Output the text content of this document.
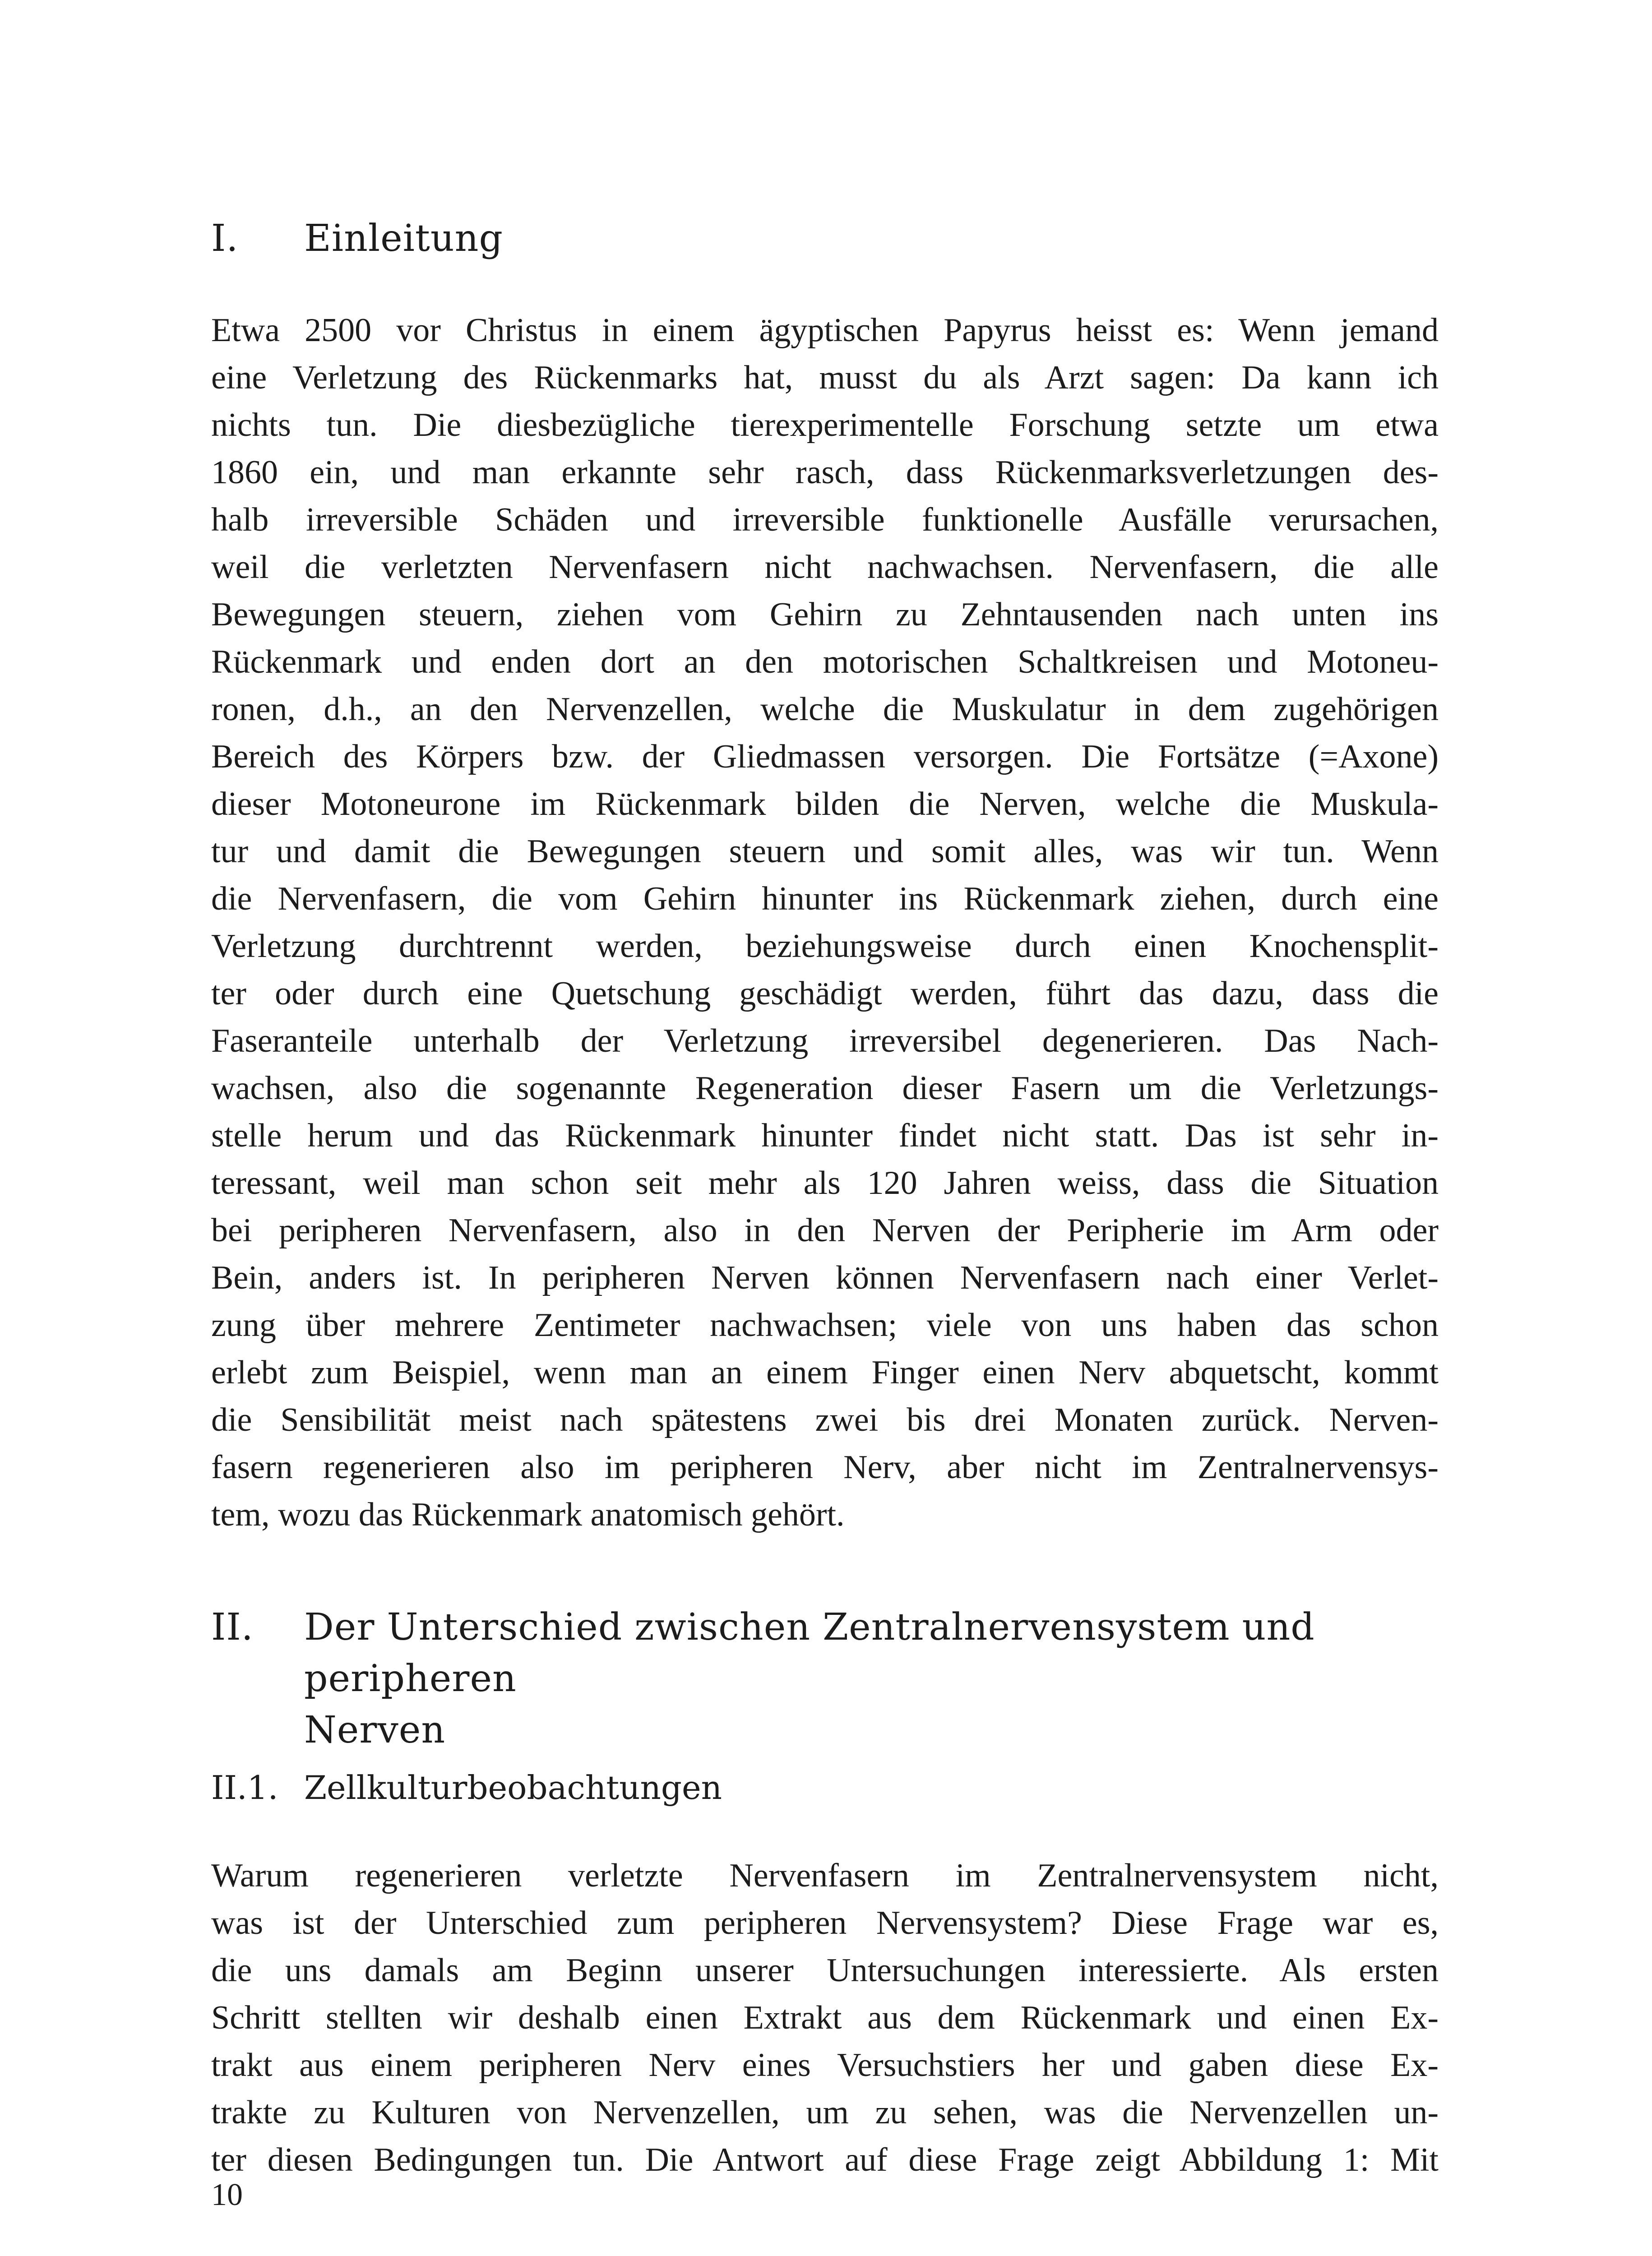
I. Einleitung
Etwa 2500 vor Christus in einem ägyptischen Papyrus heisst es: Wenn jemand
eine Verletzung des Rückenmarks hat, musst du als Arzt sagen: Da kann ich
nichts tun. Die diesbezügliche tierexperimentelle Forschung setzte um etwa
1860 ein, und man erkannte sehr rasch, dass Rückenmarksverletzungen des-
halb irreversible Schäden und irreversible funktionelle Ausfälle verursachen,
weil die verletzten Nervenfasern nicht nachwachsen. Nervenfasern, die alle
Bewegungen steuern, ziehen vom Gehirn zu Zehntausenden nach unten ins
Rückenmark und enden dort an den motorischen Schaltkreisen und Motoneu-
ronen, d.h., an den Nervenzellen, welche die Muskulatur in dem zugehörigen
Bereich des Körpers bzw. der Gliedmassen versorgen. Die Fortsätze (=Axone)
dieser Motoneurone im Rückenmark bilden die Nerven, welche die Muskula-
tur und damit die Bewegungen steuern und somit alles, was wir tun. Wenn
die Nervenfasern, die vom Gehirn hinunter ins Rückenmark ziehen, durch eine
Verletzung durchtrennt werden, beziehungsweise durch einen Knochensplit-
ter oder durch eine Quetschung geschädigt werden, führt das dazu, dass die
Faseranteile unterhalb der Verletzung irreversibel degenerieren. Das Nach-
wachsen, also die sogenannte Regeneration dieser Fasern um die Verletzungs-
stelle herum und das Rückenmark hinunter findet nicht statt. Das ist sehr in-
teressant, weil man schon seit mehr als 120 Jahren weiss, dass die Situation
bei peripheren Nervenfasern, also in den Nerven der Peripherie im Arm oder
Bein, anders ist. In peripheren Nerven können Nervenfasern nach einer Verlet-
zung über mehrere Zentimeter nachwachsen; viele von uns haben das schon
erlebt zum Beispiel, wenn man an einem Finger einen Nerv abquetscht, kommt
die Sensibilität meist nach spätestens zwei bis drei Monaten zurück. Nerven-
fasern regenerieren also im peripheren Nerv, aber nicht im Zentralnervensys-
tem, wozu das Rückenmark anatomisch gehört.
II. Der Unterschied zwischen Zentralnervensystem und peripheren
Nerven
II.1. Zellkulturbeobachtungen
Warum regenerieren verletzte Nervenfasern im Zentralnervensystem nicht,
was ist der Unterschied zum peripheren Nervensystem? Diese Frage war es,
die uns damals am Beginn unserer Untersuchungen interessierte. Als ersten
Schritt stellten wir deshalb einen Extrakt aus dem Rückenmark und einen Ex-
trakt aus einem peripheren Nerv eines Versuchstiers her und gaben diese Ex-
trakte zu Kulturen von Nervenzellen, um zu sehen, was die Nervenzellen un-
ter diesen Bedingungen tun. Die Antwort auf diese Frage zeigt Abbildung 1: Mit
10
